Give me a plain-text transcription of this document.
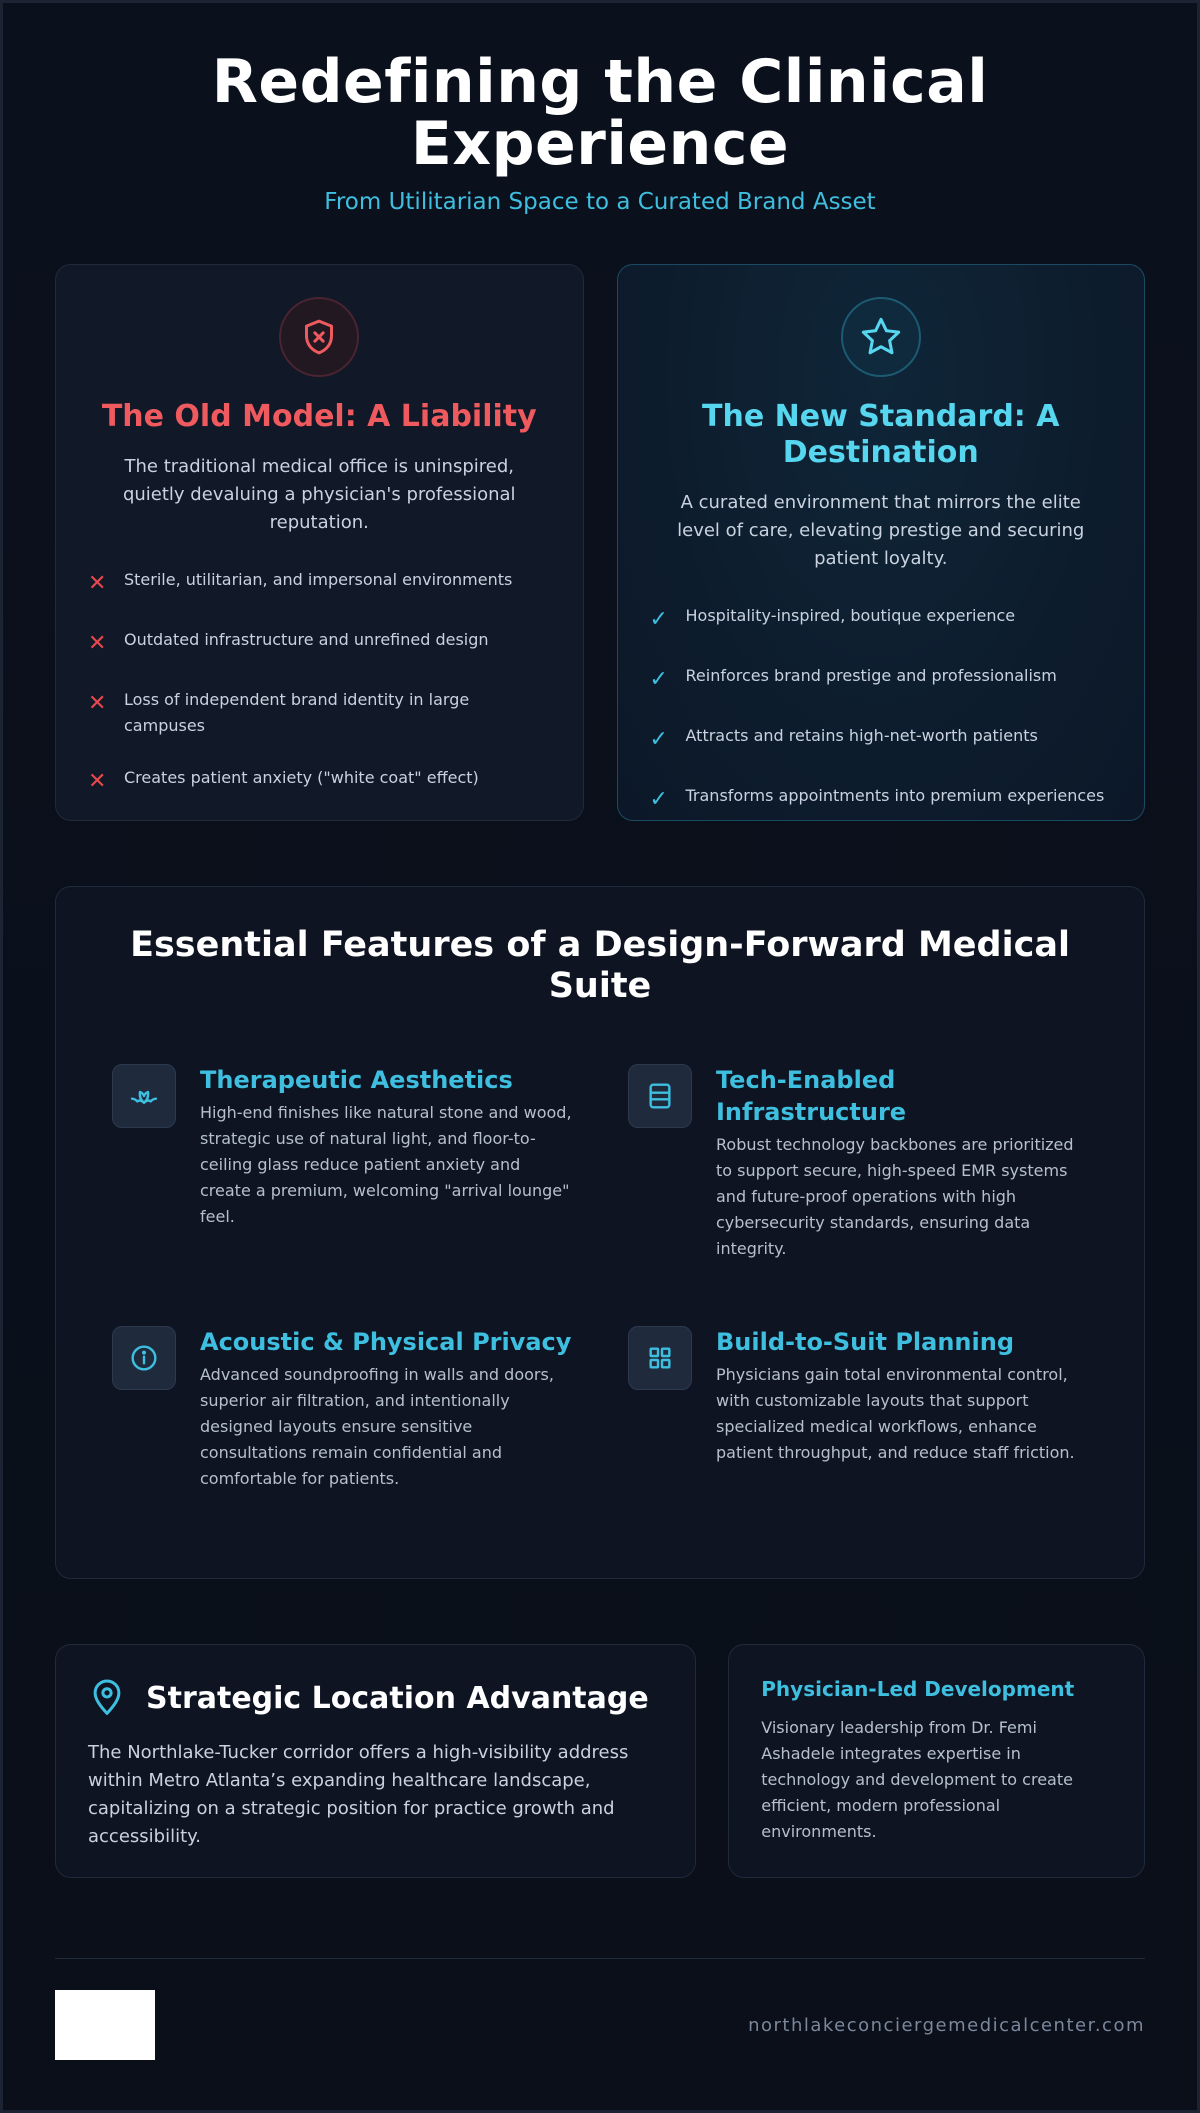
Redefining the Clinical Experience
From Utilitarian Space to a Curated Brand Asset
The Old Model: A Liability

The traditional medical office is uninspired, quietly devaluing a physician's professional reputation.

✕	Sterile, utilitarian, and impersonal environments
✕	Outdated infrastructure and unrefined design
✕	Loss of independent brand identity in large campuses
✕	Creates patient anxiety ("white coat" effect)
The New Standard: A Destination

A curated environment that mirrors the elite level of care, elevating prestige and securing patient loyalty.

✓	Hospitality-inspired, boutique experience
✓	Reinforces brand prestige and professionalism
✓	Attracts and retains high-net-worth patients
✓	Transforms appointments into premium experiences
Essential Features of a Design-Forward Medical Suite
Therapeutic Aesthetics

High-end finishes like natural stone and wood, strategic use of natural light, and floor-to-ceiling glass reduce patient anxiety and create a premium, welcoming "arrival lounge" feel.

Tech-Enabled Infrastructure

Robust technology backbones are prioritized to support secure, high-speed EMR systems and future-proof operations with high cybersecurity standards, ensuring data integrity.

Acoustic & Physical Privacy

Advanced soundproofing in walls and doors, superior air filtration, and intentionally designed layouts ensure sensitive consultations remain confidential and comfortable for patients.

Build-to-Suit Planning

Physicians gain total environmental control, with customizable layouts that support specialized medical workflows, enhance patient throughput, and reduce staff friction.

Strategic Location Advantage

The Northlake-Tucker corridor offers a high-visibility address within Metro Atlanta’s expanding healthcare landscape, capitalizing on a strategic position for practice growth and accessibility.

Physician-Led Development

Visionary leadership from Dr. Femi Ashadele integrates expertise in technology and development to create efficient, modern professional environments.

northlakeconciergemedicalcenter.com
